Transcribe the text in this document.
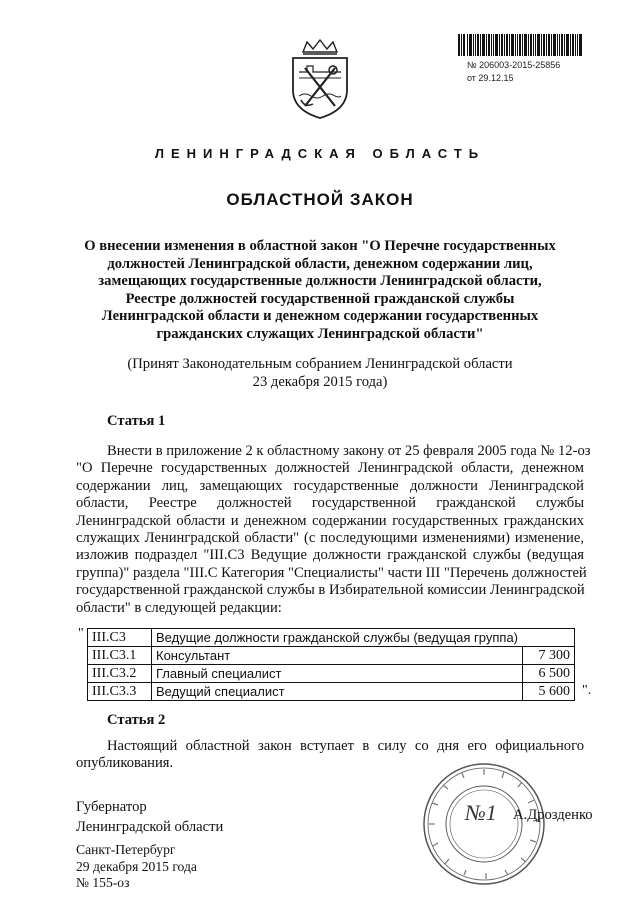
№ 206003-2015-25856
от 29.12.15
ЛЕНИНГРАДСКАЯ ОБЛАСТЬ
ОБЛАСТНОЙ ЗАКОН
О внесении изменения в областной закон "О Перечне государственных
должностей Ленинградской области, денежном содержании лиц,
замещающих государственные должности Ленинградской области,
Реестре должностей государственной гражданской службы
Ленинградской области и денежном содержании государственных
гражданских служащих Ленинградской области"
(Принят Законодательным собранием Ленинградской области
23 декабря 2015 года)
Статья 1
Внести в приложение 2 к областному закону от 25 февраля 2005 года № 12-оз
"О Перечне государственных должностей Ленинградской области, денежном
содержании лиц, замещающих государственные должности Ленинградской
области, Реестре должностей государственной гражданской службы
Ленинградской области и денежном содержании государственных гражданских
служащих Ленинградской области" (с последующими изменениями) изменение,
изложив подраздел "III.С3 Ведущие должности гражданской службы (ведущая
группа)" раздела "III.С Категория "Специалисты" части III "Перечень должностей
государственной гражданской службы в Избирательной комиссии Ленинградской
области" в следующей редакции:
" III.С3	Ведущие должности гражданской службы (ведущая группа)	
III.С3.1	Консультант	7 300
III.С3.2	Главный специалист	6 500
III.С3.3	Ведущий специалист	5 600 ".
Статья 2
Настоящий областной закон вступает в силу со дня его официального
опубликования.
Губернатор
Ленинградской области
№1 А.Дрозденко
Санкт-Петербург
29 декабря 2015 года
№ 155-оз
